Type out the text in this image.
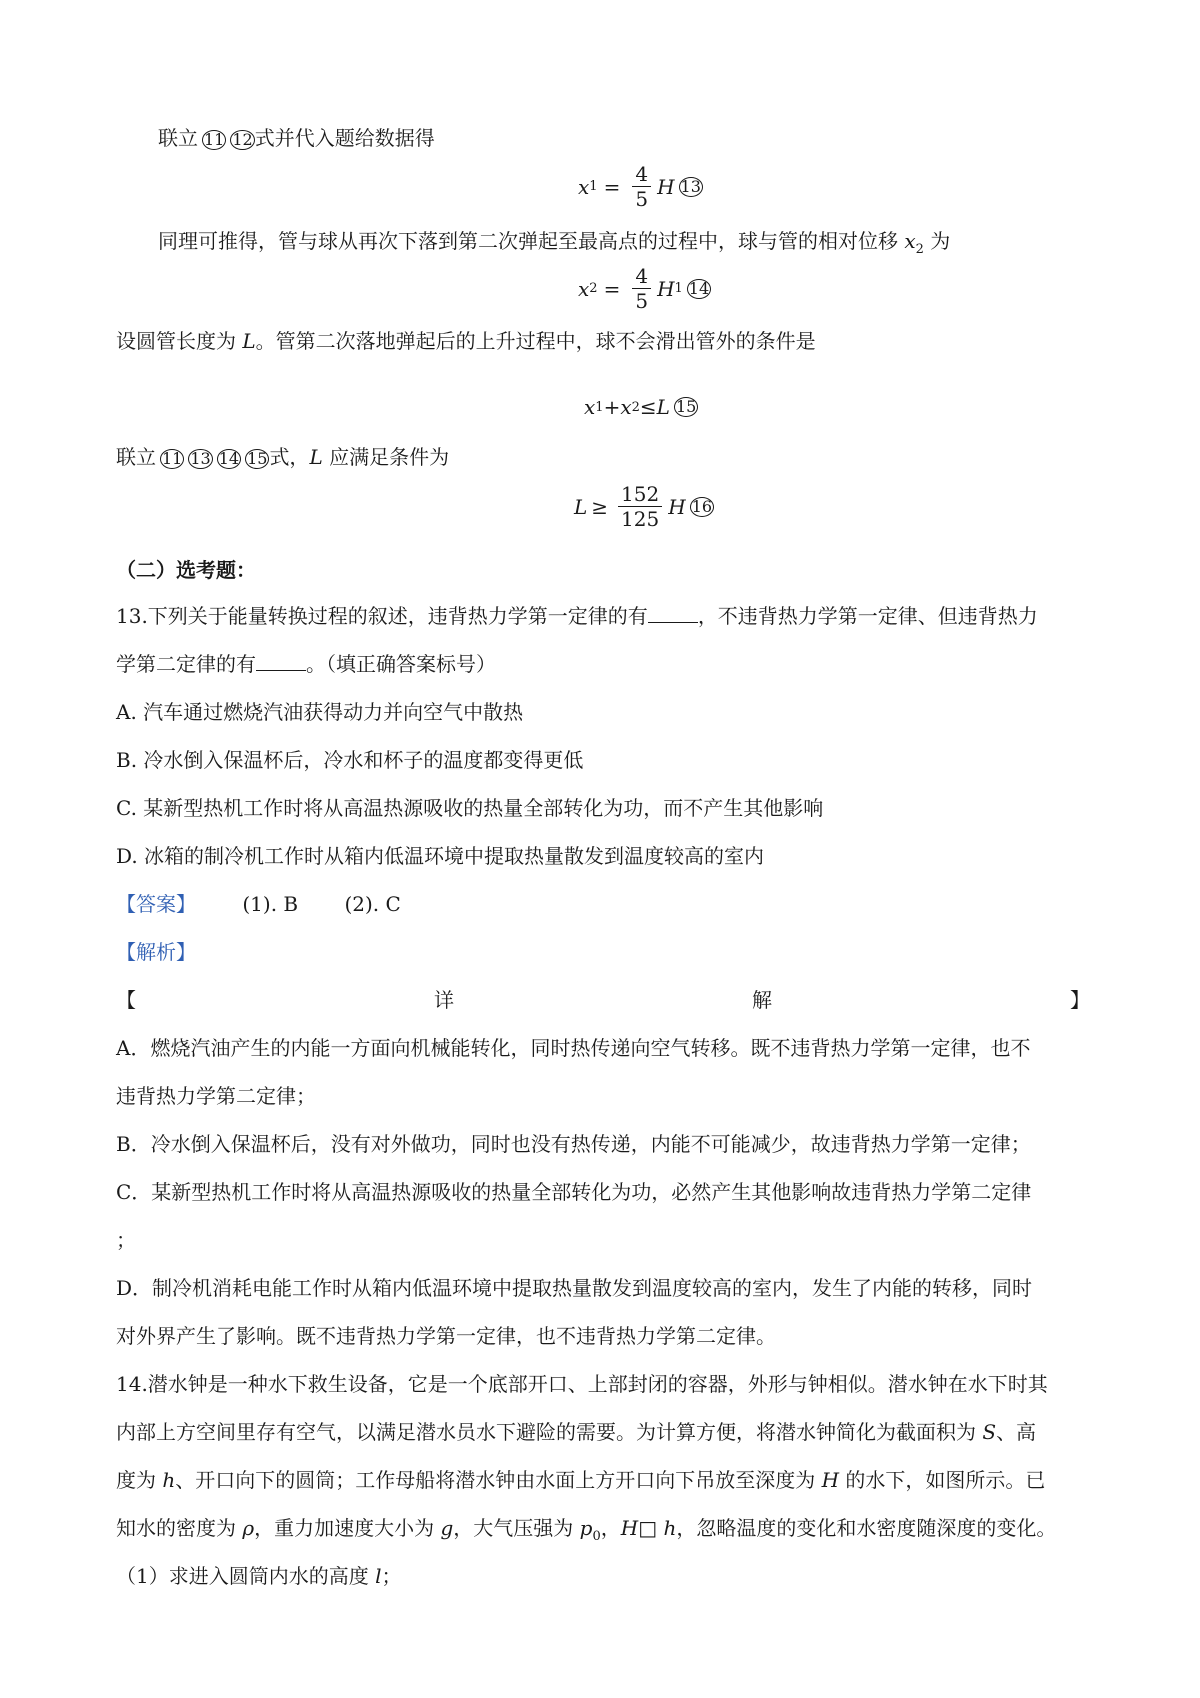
联立 11 12 式并代入题给数据得
x $1 = \frac{4}{5}$ H 13
同理可推得，管与球从再次下落到第二次弹起至最高点的过程中，球与管的相对位移 $x_2$ 为
x $2 = \frac{4}{5}$ H 1 14
设圆管长度为 L。管第二次落地弹起后的上升过程中，球不会滑出管外的条件是
x 1 + x 2 ≤ L 15
联立 11 13 14 15 式，L 应满足条件为
$L \ge \frac{152}{125}$ H 16
（二）选考题：
13.下列关于能量转换过程的叙述，违背热力学第一定律的有	，不违背热力学第一定律、但违背热力
学第二定律的有	。（填正确答案标号）
A. 汽车通过燃烧汽油获得动力并向空气中散热
B. 冷水倒入保温杯后，冷水和杯子的温度都变得更低
C. 某新型热机工作时将从高温热源吸收的热量全部转化为功，而不产生其他影响
D. 冰箱的制冷机工作时从箱内低温环境中提取热量散发到温度较高的室内
【答案】 (1). B (2). C
【解析】
【	详	解	】
A．燃烧汽油产生的内能一方面向机械能转化，同时热传递向空气转移。既不违背热力学第一定律，也不
违背热力学第二定律；
B．冷水倒入保温杯后，没有对外做功，同时也没有热传递，内能不可能减少，故违背热力学第一定律；
C．某新型热机工作时将从高温热源吸收的热量全部转化为功，必然产生其他影响故违背热力学第二定律
；
D．制冷机消耗电能工作时从箱内低温环境中提取热量散发到温度较高的室内，发生了内能的转移，同时
对外界产生了影响。既不违背热力学第一定律，也不违背热力学第二定律。
14.潜水钟是一种水下救生设备，它是一个底部开口、上部封闭的容器，外形与钟相似。潜水钟在水下时其
内部上方空间里存有空气，以满足潜水员水下避险的需要。为计算方便，将潜水钟简化为截面积为 S、高
度为 h、开口向下的圆筒；工作母船将潜水钟由水面上方开口向下吊放至深度为 H 的水下，如图所示。已
知水的密度为 ρ，重力加速度大小为 g，大气压强为 $p_0$，H□ h，忽略温度的变化和水密度随深度的变化。
（1）求进入圆筒内水的高度 l；
